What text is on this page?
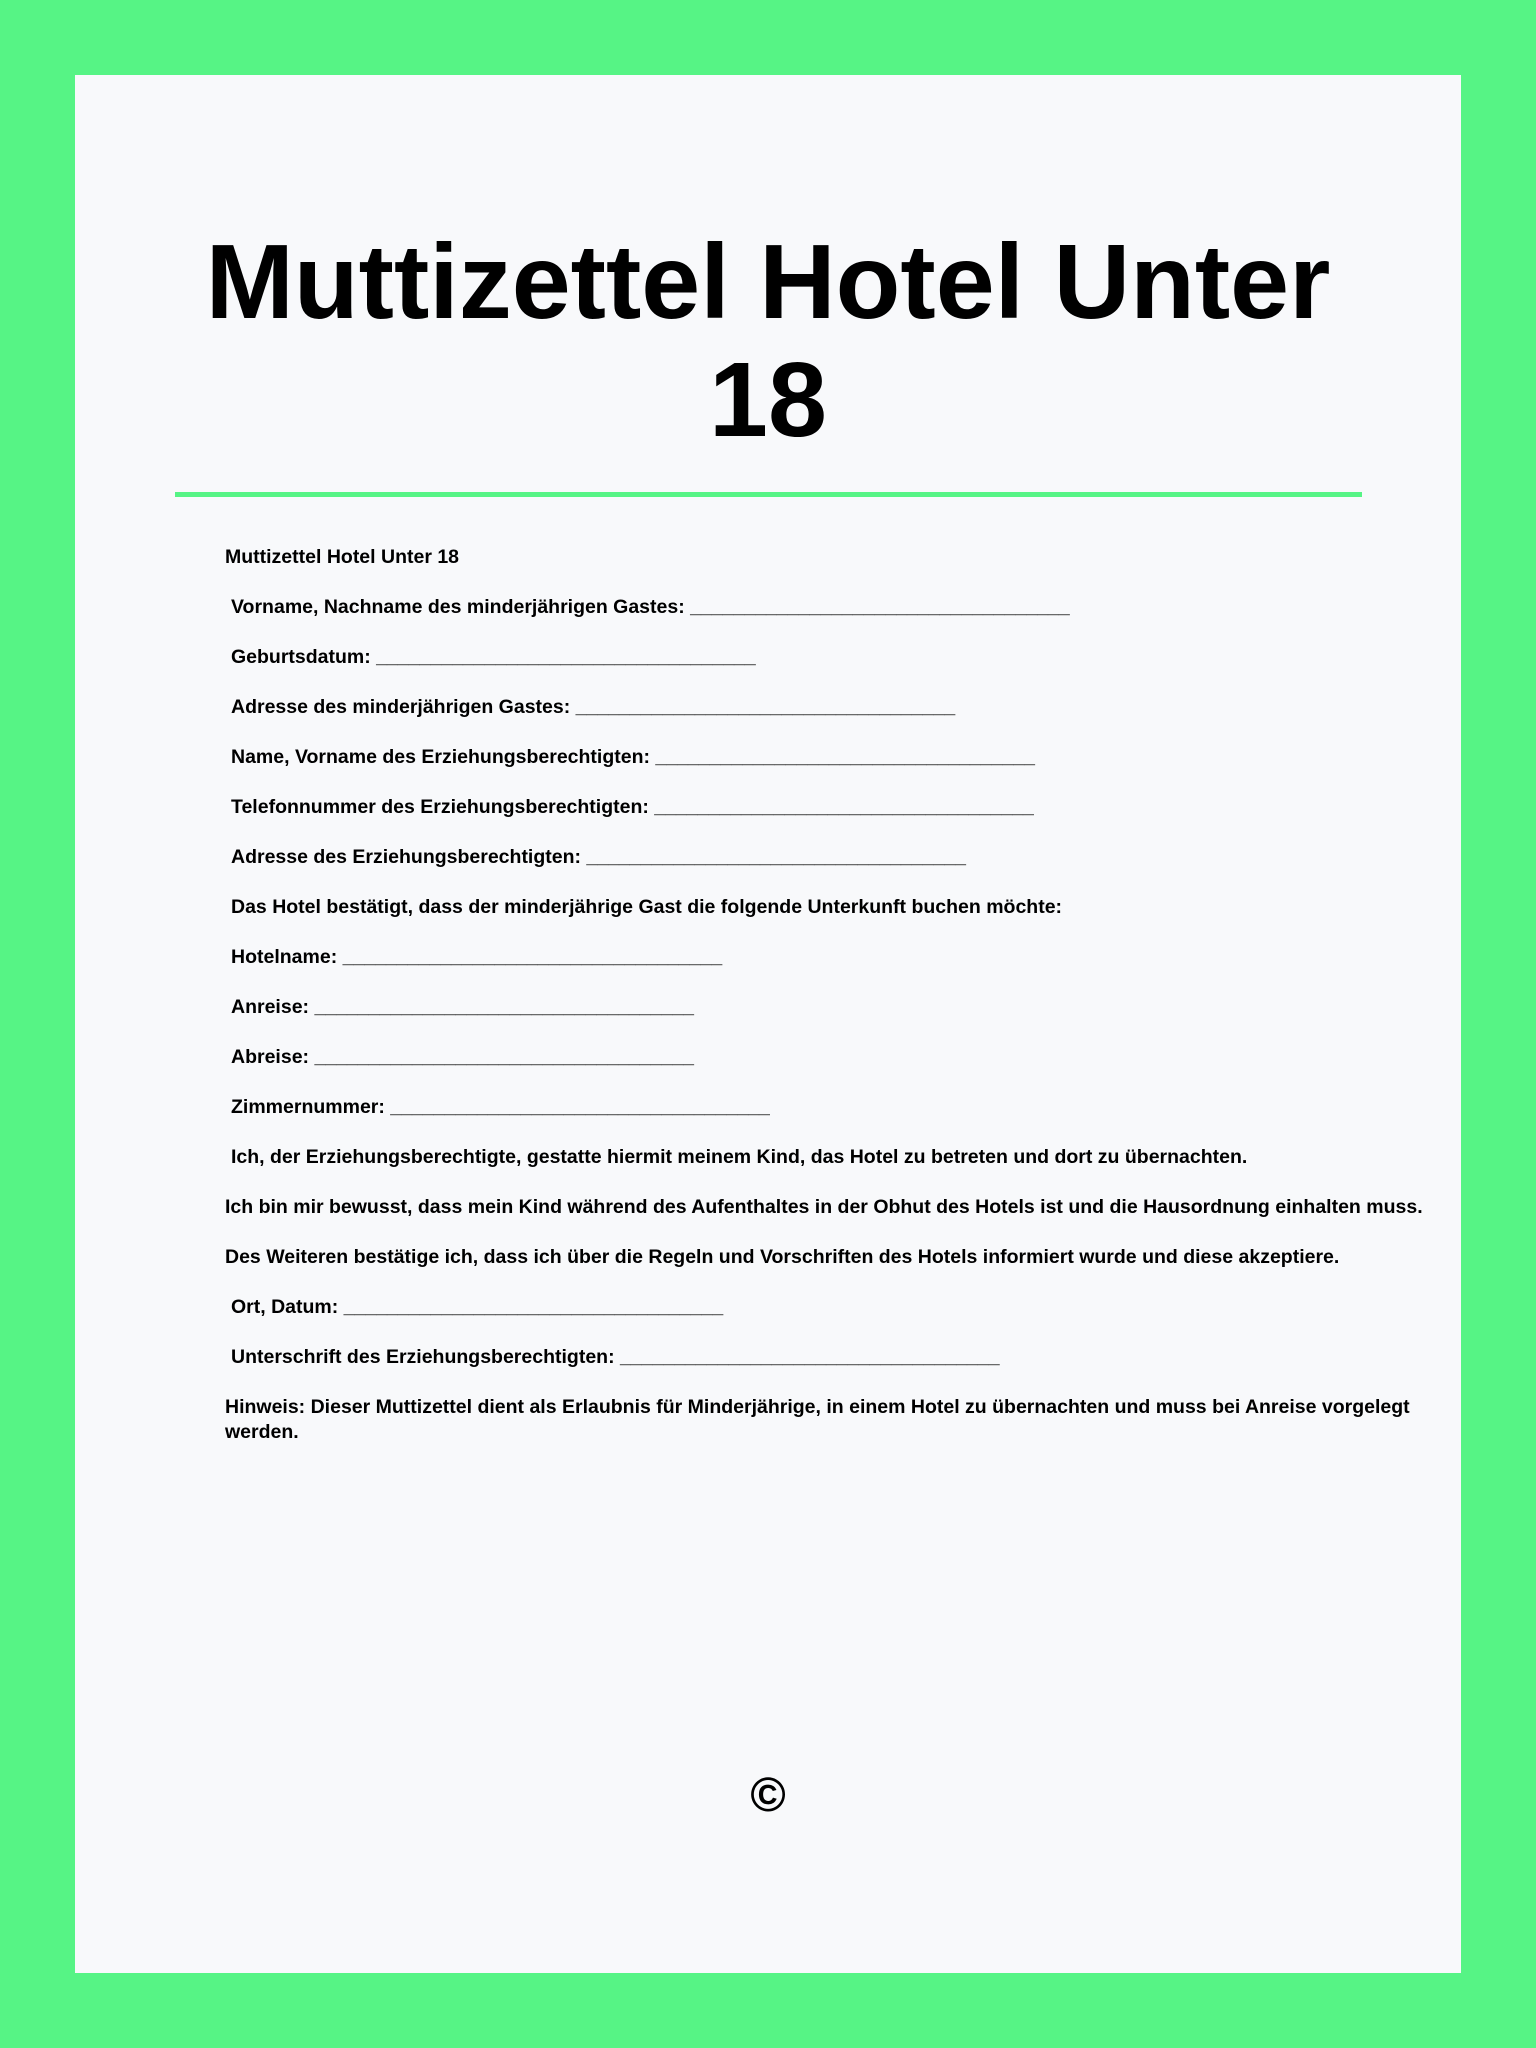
Muttizettel Hotel Unter 18
Muttizettel Hotel Unter 18
Vorname, Nachname des minderjährigen Gastes: ___________________________________
Geburtsdatum: ___________________________________
Adresse des minderjährigen Gastes: ___________________________________
Name, Vorname des Erziehungsberechtigten: ___________________________________
Telefonnummer des Erziehungsberechtigten: ___________________________________
Adresse des Erziehungsberechtigten: ___________________________________
Das Hotel bestätigt, dass der minderjährige Gast die folgende Unterkunft buchen möchte:
Hotelname: ___________________________________
Anreise: ___________________________________
Abreise: ___________________________________
Zimmernummer: ___________________________________
Ich, der Erziehungsberechtigte, gestatte hiermit meinem Kind, das Hotel zu betreten und dort zu übernachten.
Ich bin mir bewusst, dass mein Kind während des Aufenthaltes in der Obhut des Hotels ist und die Hausordnung einhalten muss.
Des Weiteren bestätige ich, dass ich über die Regeln und Vorschriften des Hotels informiert wurde und diese akzeptiere.
Ort, Datum: ___________________________________
Unterschrift des Erziehungsberechtigten: ___________________________________
Hinweis: Dieser Muttizettel dient als Erlaubnis für Minderjährige, in einem Hotel zu übernachten und muss bei Anreise vorgelegt werden.
©
